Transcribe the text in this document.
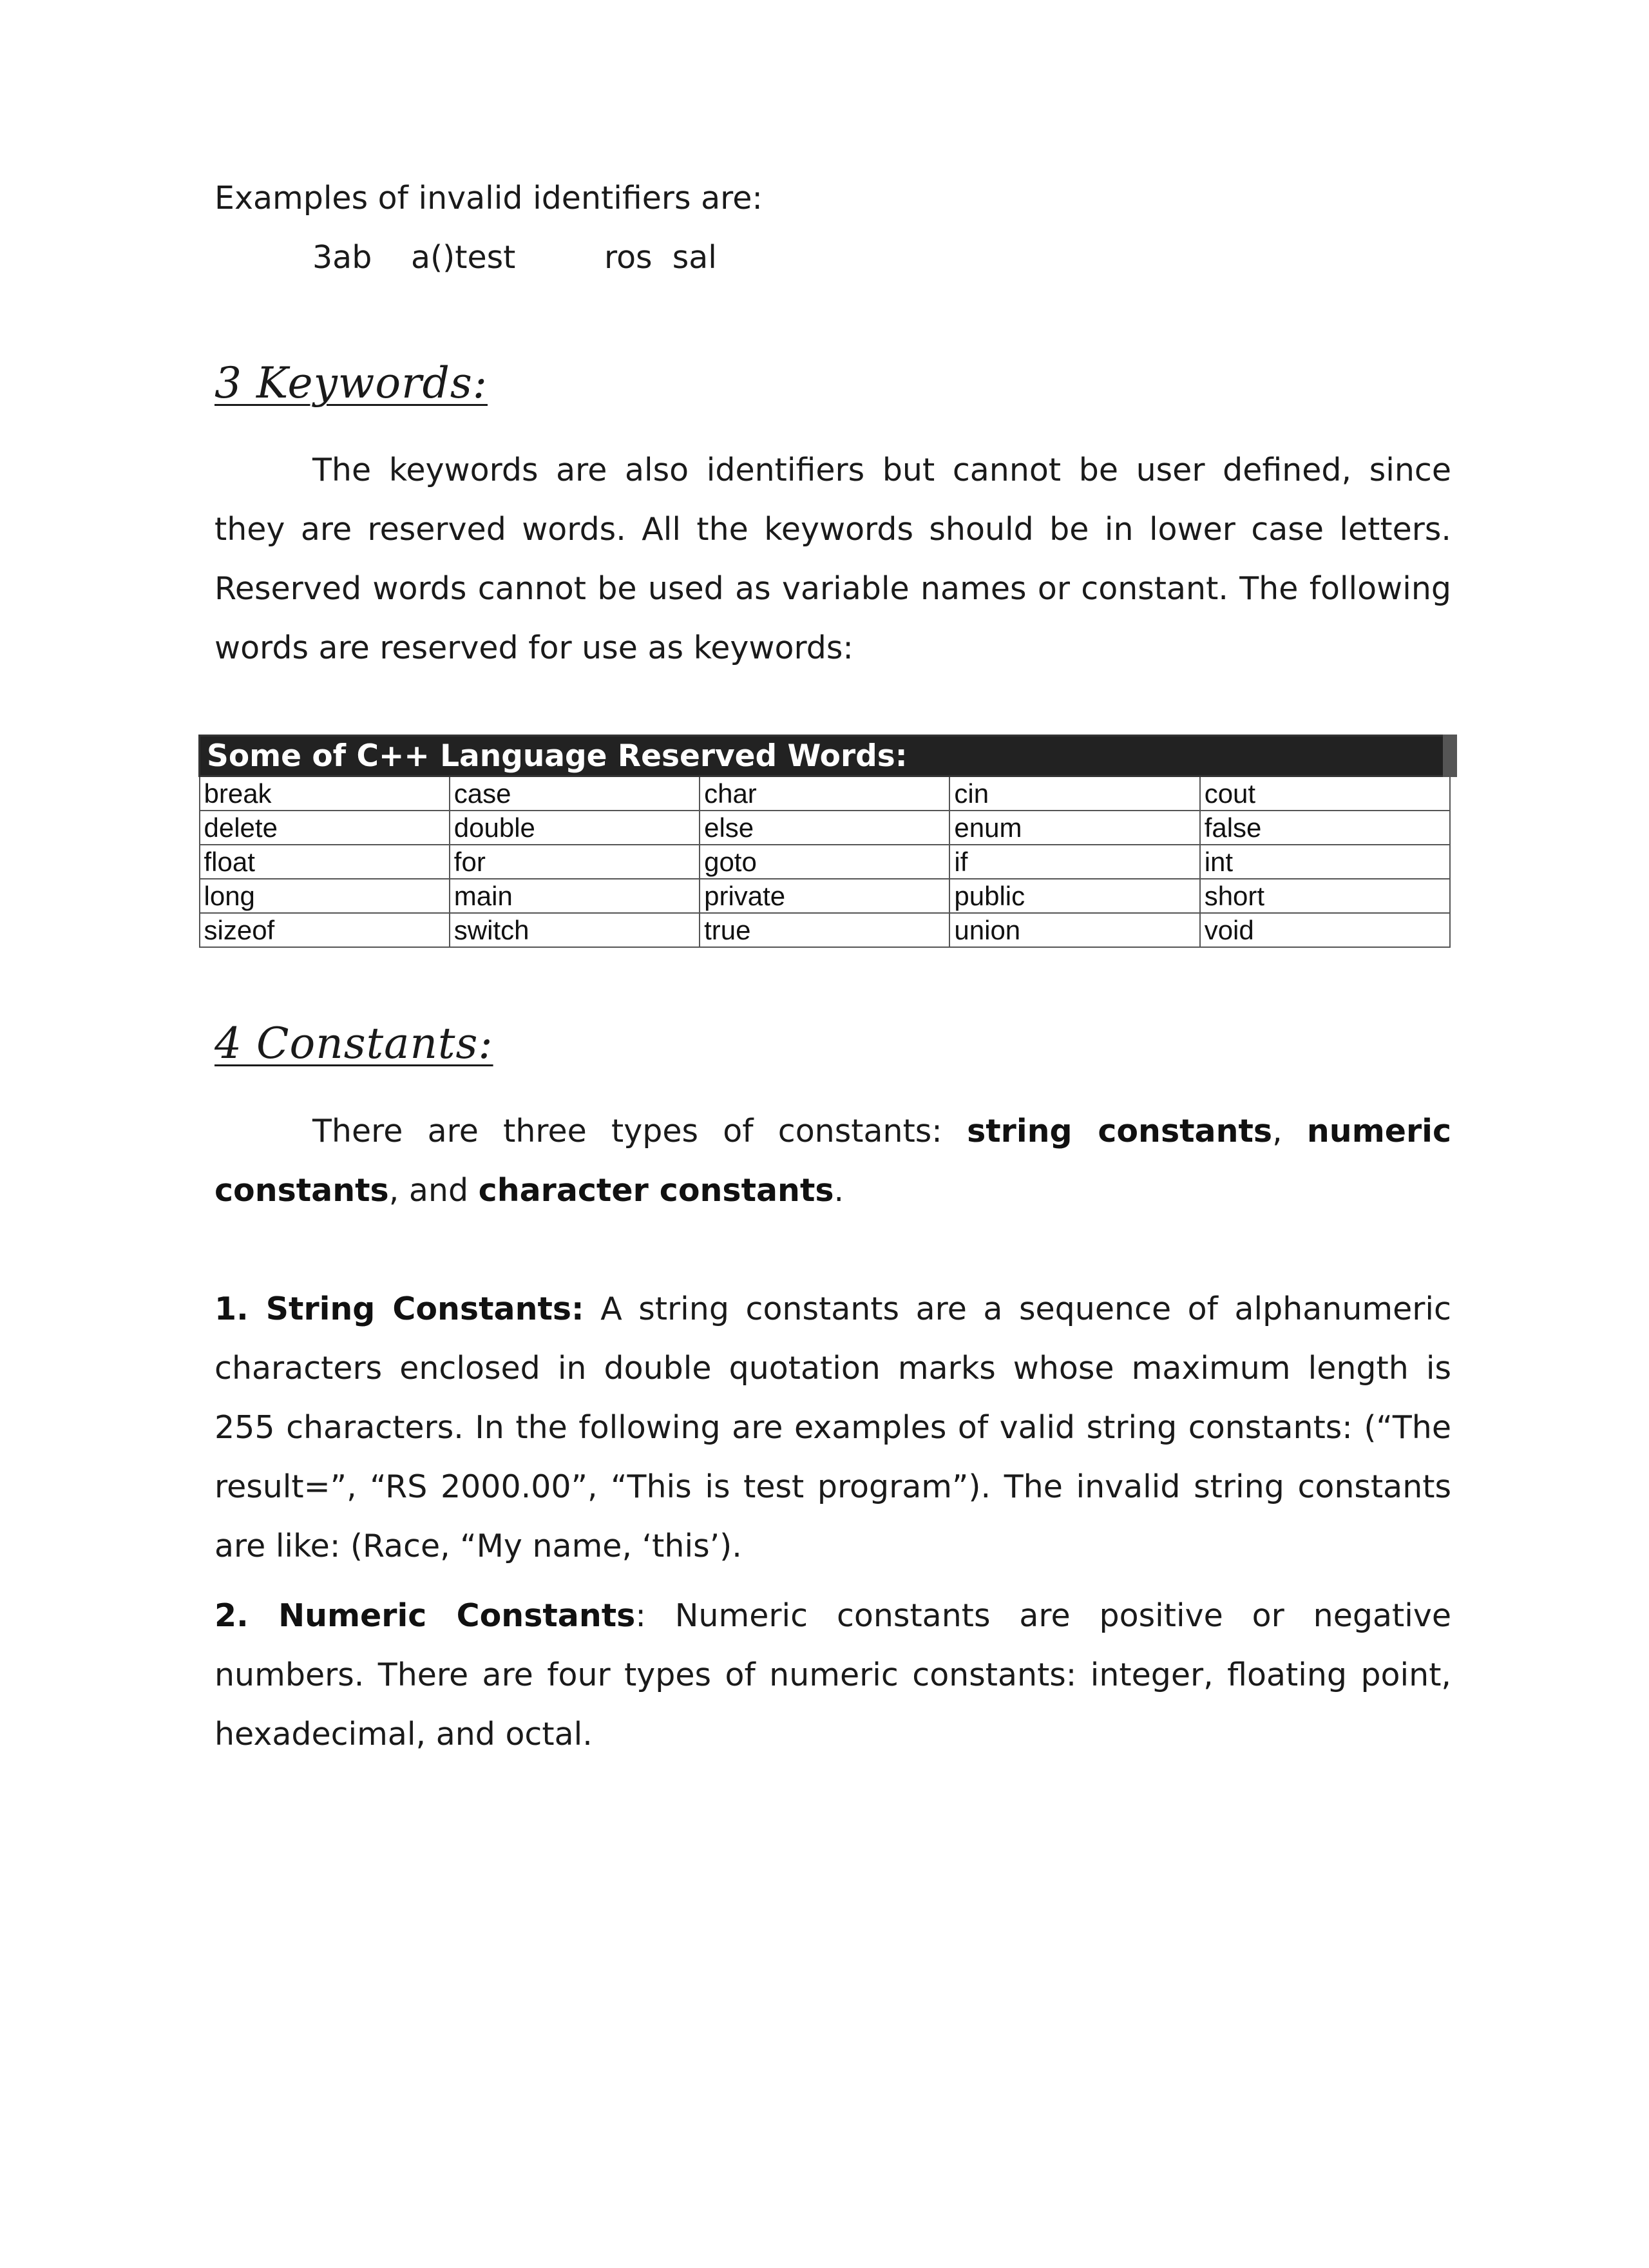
Examples of invalid identifiers are:
3ab a()test	ros  sal
3 Keywords:
The keywords are also identifiers but cannot be user defined, since they are reserved words. All the keywords should be in lower case letters. Reserved words cannot be used as variable names or constant. The following words are reserved for use as keywords:
Some of C++ Language Reserved Words:				
break	case	char	cin	cout
delete	double	else	enum	false
float	for	goto	if	int
long	main	private	public	short
sizeof	switch	true	union	void
4 Constants:
There are three types of constants: string constants, numeric constants, and character constants.
1. String Constants: A string constants are a sequence of alphanumeric characters enclosed in double quotation marks whose maximum length is 255 characters. In the following are examples of valid string constants: (“The result=”, “RS 2000.00”, “This is test program”). The invalid string constants are like: (Race, “My name, ‘this’).
2. Numeric Constants: Numeric constants are positive or negative numbers. There are four types of numeric constants: integer, floating point, hexadecimal, and octal.
